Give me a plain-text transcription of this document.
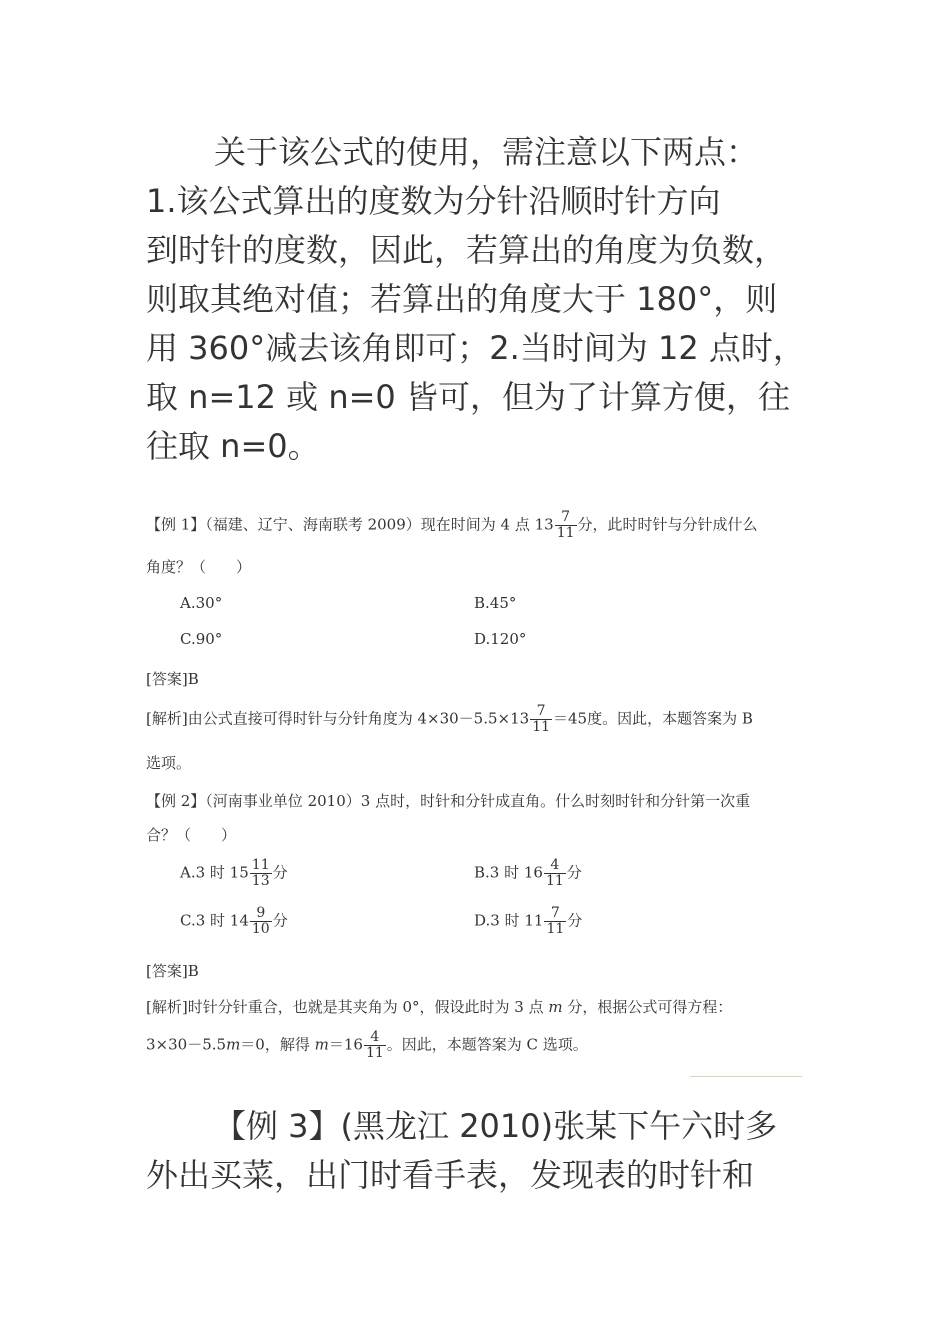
关于该公式的使用，需注意以下两点：
1.该公式算出的度数为分针沿顺时针方向
到时针的度数，因此，若算出的角度为负数，
则取其绝对值；若算出的角度大于 180°，则
用 360°减去该角即可；2.当时间为 12 点时，
取 n=12 或 n=0 皆可，但为了计算方便，往
往取 n=0。
【例 1】（福建、辽宁、海南联考 2009）现在时间为 4 点 $13 \frac{7}{11}$ 分，此时时针与分针成什么
角度？（　　）
A.30°	B.45°
C.90°	D.120°
[答案]B
[解析]由公式直接可得时针与分针角度为 $4\times 30-5.5\times 13 \frac{7}{11} =45$度。因此，本题答案为 B
选项。
【例 2】（河南事业单位 2010）3 点时，时针和分针成直角。什么时刻时针和分针第一次重
合？（　　）
A.3 时 $15 \frac{11}{13}$ 分	B.3 时 $16 \frac{4}{11}$ 分
C.3 时 $14 \frac{9}{10}$ 分	D.3 时 $11 \frac{7}{11}$ 分
[答案]B
[解析]时针分针重合，也就是其夹角为 0°，假设此时为 3 点 m 分，根据公式可得方程：
3×30－5.5m＝0，解得 $m=16 \frac{4}{11}$ 。因此，本题答案为 C 选项。
【例 3】(黑龙江 2010)张某下午六时多
外出买菜，出门时看手表，发现表的时针和
